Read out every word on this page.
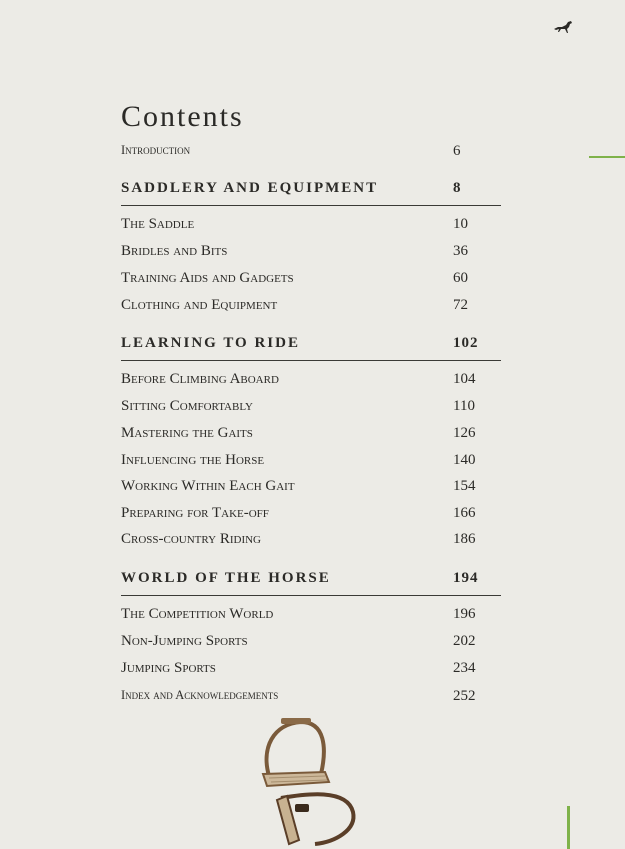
Contents
Introduction	6
SADDLERY AND EQUIPMENT	8
The Saddle	10
Bridles and Bits	36
Training Aids and Gadgets	60
Clothing and Equipment	72
LEARNING TO RIDE	102
Before Climbing Aboard	104
Sitting Comfortably	110
Mastering the Gaits	126
Influencing the Horse	140
Working Within Each Gait	154
Preparing for Take-off	166
Cross-country Riding	186
WORLD OF THE HORSE	194
The Competition World	196
Non-Jumping Sports	202
Jumping Sports	234
Index and Acknowledgements	252
